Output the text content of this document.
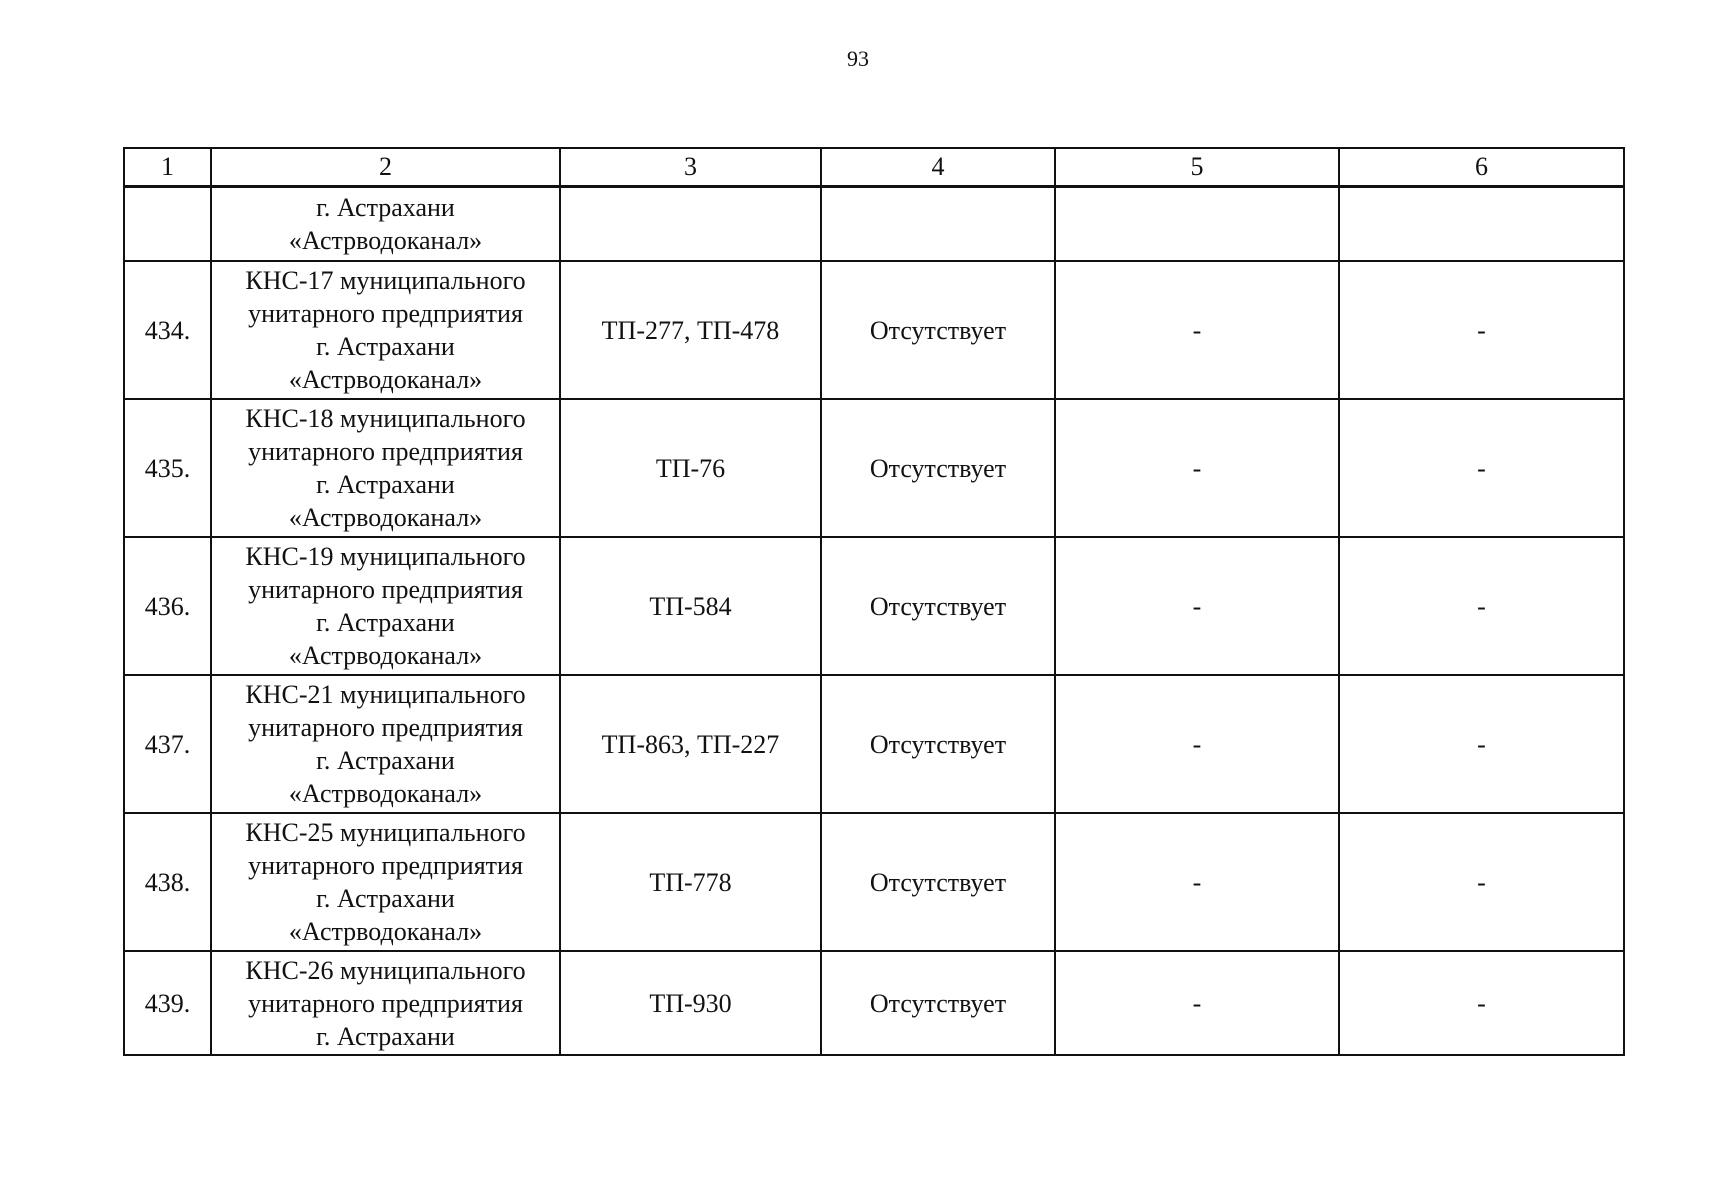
93
1	2	3	4	5	6

	г. Астрахани
«Астрводоканал»				

434.	КНС-17 муниципального
унитарного предприятия
г. Астрахани
«Астрводоканал»	ТП-277, ТП-478	Отсутствует	-	-
435.	КНС-18 муниципального
унитарного предприятия
г. Астрахани
«Астрводоканал»	ТП-76	Отсутствует	-	-
436.	КНС-19 муниципального
унитарного предприятия
г. Астрахани
«Астрводоканал»	ТП-584	Отсутствует	-	-
437.	КНС-21 муниципального
унитарного предприятия
г. Астрахани
«Астрводоканал»	ТП-863, ТП-227	Отсутствует	-	-
438.	КНС-25 муниципального
унитарного предприятия
г. Астрахани
«Астрводоканал»	ТП-778	Отсутствует	-	-
439.	КНС-26 муниципального
унитарного предприятия
г. Астрахани	ТП-930	Отсутствует	-	-
